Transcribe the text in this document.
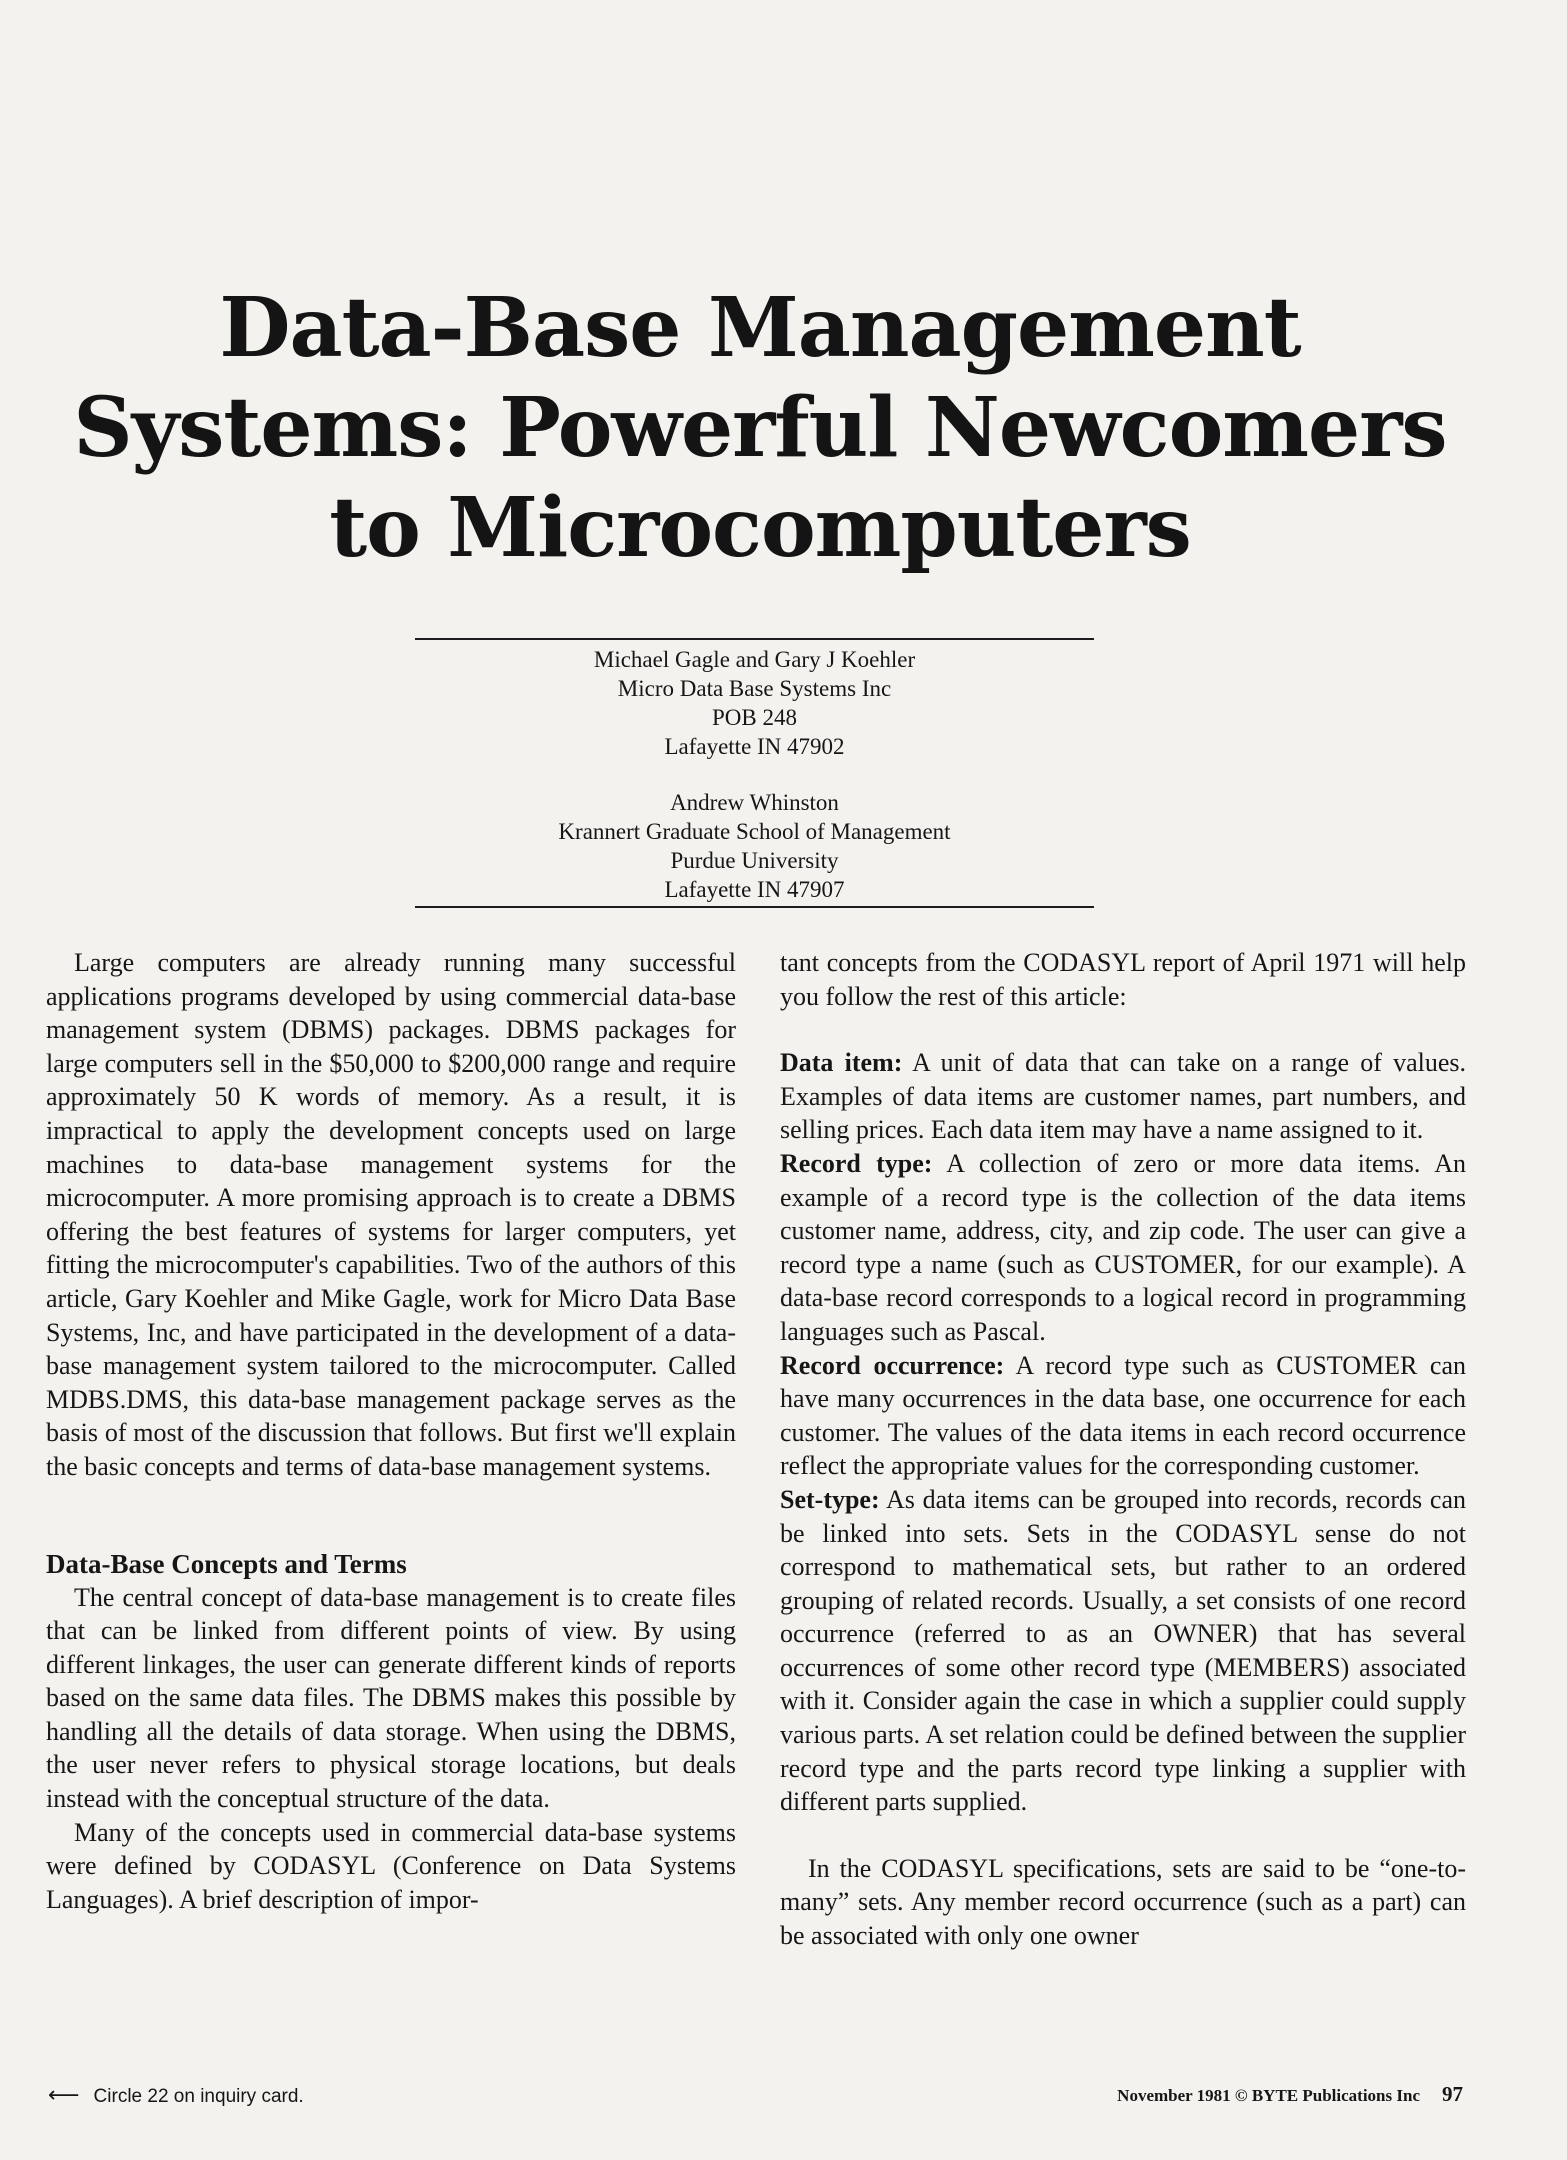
Data-Base Management
Systems: Powerful Newcomers
to Microcomputers

Michael Gagle and Gary J Koehler

Micro Data Base Systems Inc

POB 248

Lafayette IN 47902

Andrew Whinston

Krannert Graduate School of Management

Purdue University

Lafayette IN 47907

Large computers are already running many successful applications programs developed by using commercial data-base management system (DBMS) packages. DBMS packages for large computers sell in the $50,000 to $200,000 range and require approximately 50 K words of memory. As a result, it is impractical to apply the development concepts used on large machines to data-base management systems for the microcomputer. A more promising approach is to create a DBMS offering the best features of systems for larger computers, yet fitting the microcomputer's capabilities. Two of the authors of this article, Gary Koehler and Mike Gagle, work for Micro Data Base Systems, Inc, and have participated in the development of a data-base management system tailored to the microcomputer. Called MDBS.DMS, this data-base management package serves as the basis of most of the discussion that follows. But first we'll explain the basic concepts and terms of data-base management systems.

Data-Base Concepts and Terms

The central concept of data-base management is to create files that can be linked from different points of view. By using different linkages, the user can generate different kinds of reports based on the same data files. The DBMS makes this possible by handling all the details of data storage. When using the DBMS, the user never refers to physical storage locations, but deals instead with the conceptual structure of the data.

Many of the concepts used in commercial data-base systems were defined by CODASYL (Conference on Data Systems Languages). A brief description of impor-

tant concepts from the CODASYL report of April 1971 will help you follow the rest of this article:

Data item: A unit of data that can take on a range of values. Examples of data items are customer names, part numbers, and selling prices. Each data item may have a name assigned to it.

Record type: A collection of zero or more data items. An example of a record type is the collection of the data items customer name, address, city, and zip code. The user can give a record type a name (such as CUSTOMER, for our example). A data-base record corresponds to a logical record in programming languages such as Pascal.

Record occurrence: A record type such as CUSTOMER can have many occurrences in the data base, one occurrence for each customer. The values of the data items in each record occurrence reflect the appropriate values for the corresponding customer.

Set-type: As data items can be grouped into records, records can be linked into sets. Sets in the CODASYL sense do not correspond to mathematical sets, but rather to an ordered grouping of related records. Usually, a set consists of one record occurrence (referred to as an OWNER) that has several occurrences of some other record type (MEMBERS) associated with it. Consider again the case in which a supplier could supply various parts. A set relation could be defined between the supplier record type and the parts record type linking a supplier with different parts supplied.

In the CODASYL specifications, sets are said to be “one-to-many” sets. Any member record occurrence (such as a part) can be associated with only one owner

⟵ Circle 22 on inquiry card.	November 1981 © BYTE Publications Inc 97
